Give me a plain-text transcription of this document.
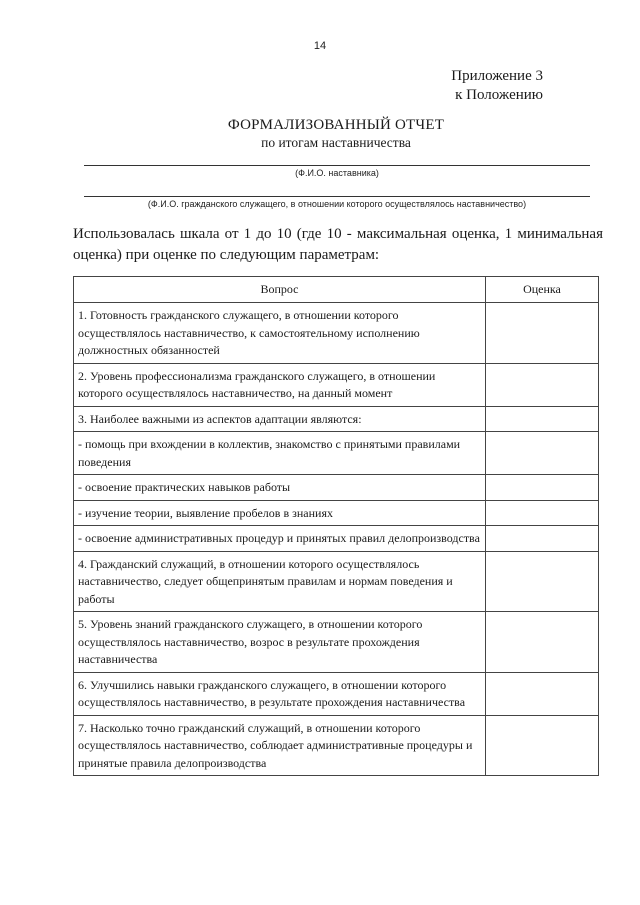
14
Приложение 3
к Положению
ФОРМАЛИЗОВАННЫЙ ОТЧЕТ
по итогам наставничества
(Ф.И.О. наставника)
(Ф.И.О. гражданского служащего, в отношении которого осуществлялось наставничество)
Использовалась шкала от 1 до 10 (где 10 - максимальная оценка, 1 минимальная оценка) при оценке по следующим параметрам:
Вопрос	Оценка
1. Готовность гражданского служащего, в отношении которого осуществлялось наставничество, к самостоятельному исполнению должностных обязанностей	
2. Уровень профессионализма гражданского служащего, в отношении которого осуществлялось наставничество, на данный момент	
3. Наиболее важными из аспектов адаптации являются:	
- помощь при вхождении в коллектив, знакомство с принятыми правилами поведения	
- освоение практических навыков работы	
- изучение теории, выявление пробелов в знаниях	
- освоение административных процедур и принятых правил делопроизводства	
4. Гражданский служащий, в отношении которого осуществлялось наставничество, следует общепринятым правилам и нормам поведения и работы	
5. Уровень знаний гражданского служащего, в отношении которого осуществлялось наставничество, возрос в результате прохождения наставничества	
6. Улучшились навыки гражданского служащего, в отношении которого осуществлялось наставничество, в результате прохождения наставничества	
7. Насколько точно гражданский служащий, в отношении которого осуществлялось наставничество, соблюдает административные процедуры и принятые правила делопроизводства	
